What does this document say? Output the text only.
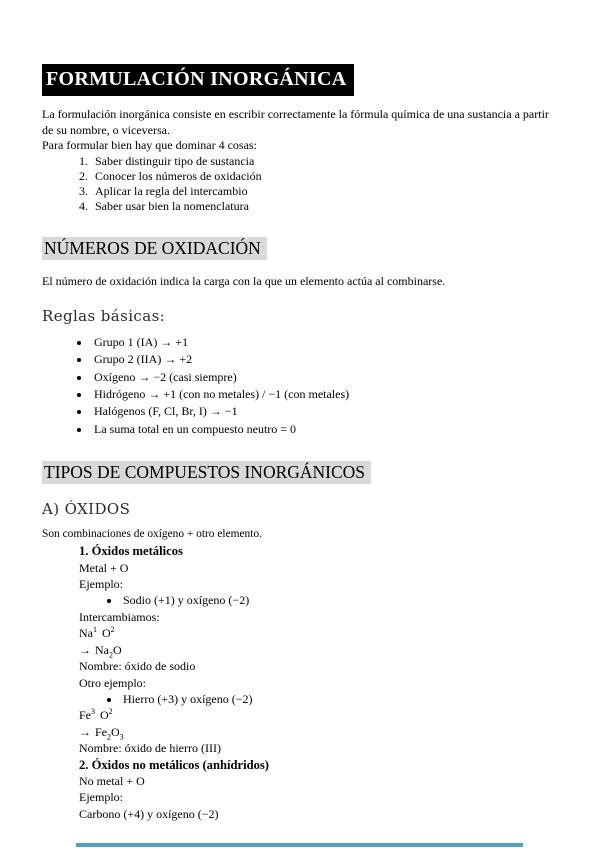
FORMULACIÓN INORGÁNICA

La formulación inorgánica consiste en escribir correctamente la fórmula química de una sustancia a partir de su nombre, o viceversa.

Para formular bien hay que dominar 4 cosas:

1. Saber distinguir tipo de sustancia
2. Conocer los números de oxidación
3. Aplicar la regla del intercambio
4. Saber usar bien la nomenclatura
NÚMEROS DE OXIDACIÓN

El número de oxidación indica la carga con la que un elemento actúa al combinarse.

Reglas básicas:
• Grupo 1 (IA) → +1
• Grupo 2 (IIA) → +2
• Oxígeno → −2 (casi siempre)
• Hidrógeno → +1 (con no metales) / −1 (con metales)
• Halógenos (F, Cl, Br, I) → −1
• La suma total en un compuesto neutro = 0
TIPOS DE COMPUESTOS INORGÁNICOS
A) ÓXIDOS

Son combinaciones de oxígeno + otro elemento.

1. Óxidos metálicos

Metal + O

Ejemplo:

• Sodio (+1) y oxígeno (−2)

Intercambiamos:

Na$^1$ $O^2$

→ $Na_2O$

Nombre: óxido de sodio

Otro ejemplo:

• Hierro (+3) y oxígeno (−2)

Fe$^3$ $O^2$

→ $Fe_2O_3$

Nombre: óxido de hierro (III)

2. Óxidos no metálicos (anhídridos)

No metal + O

Ejemplo:

Carbono (+4) y oxígeno (−2)
